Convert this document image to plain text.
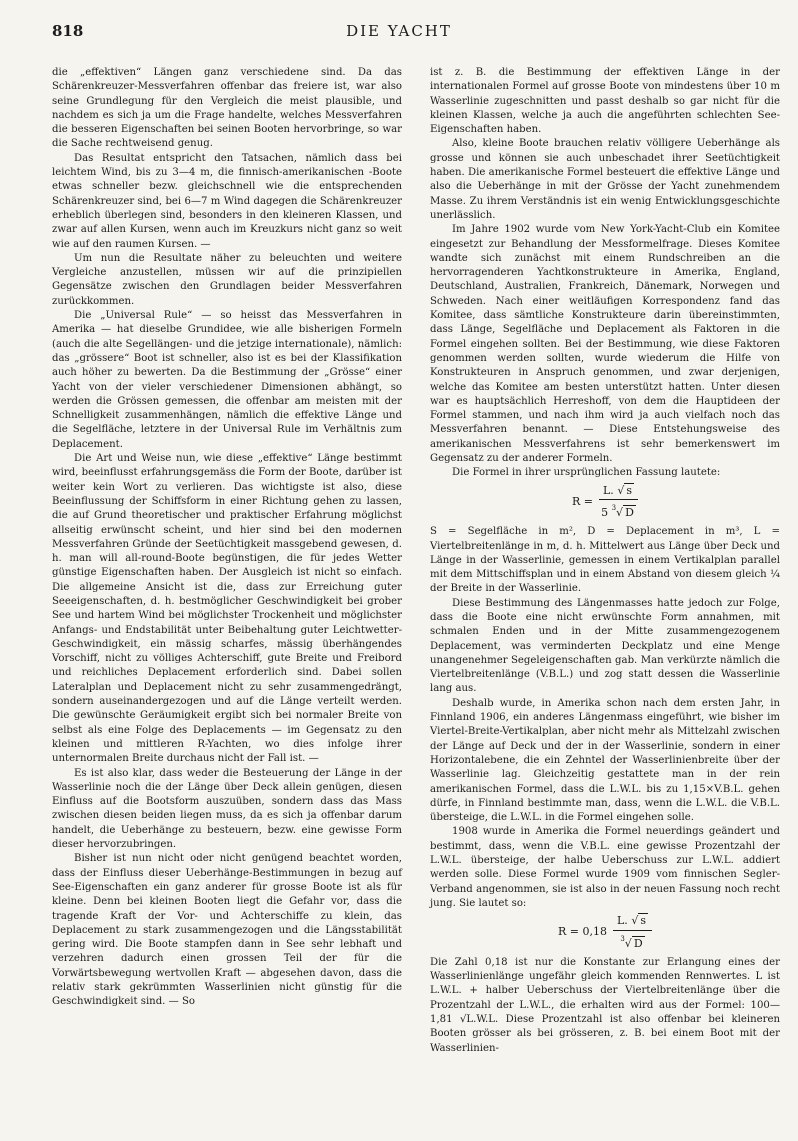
818	DIE YACHT

die „effektiven“ Längen ganz verschiedene sind. Da das Schärenkreuzer-Messverfahren offenbar das freiere ist, war also seine Grundlegung für den Vergleich die meist plausible, und nachdem es sich ja um die Frage handelte, welches Messverfahren die besseren Eigenschaften bei seinen Booten hervorbringe, so war die Sache rechtweisend genug.

Das Resultat entspricht den Tatsachen, nämlich dass bei leichtem Wind, bis zu 3—4 m, die finnisch-amerikanischen -Boote etwas schneller bezw. gleichschnell wie die entsprechenden Schärenkreuzer sind, bei 6—7 m Wind dagegen die Schärenkreuzer erheblich überlegen sind, besonders in den kleineren Klassen, und zwar auf allen Kursen, wenn auch im Kreuzkurs nicht ganz so weit wie auf den raumen Kursen. —

Um nun die Resultate näher zu beleuchten und weitere Vergleiche anzustellen, müssen wir auf die prinzipiellen Gegensätze zwischen den Grundlagen beider Messverfahren zurückkommen.

Die „Universal Rule“ — so heisst das Messverfahren in Amerika — hat dieselbe Grundidee, wie alle bisherigen Formeln (auch die alte Segellängen- und die jetzige internationale), nämlich: das „grössere“ Boot ist schneller, also ist es bei der Klassifikation auch höher zu bewerten. Da die Bestimmung der „Grösse“ einer Yacht von der vieler verschiedener Dimensionen abhängt, so werden die Grössen gemessen, die offenbar am meisten mit der Schnelligkeit zusammenhängen, nämlich die effektive Länge und die Segelfläche, letztere in der Universal Rule im Verhältnis zum Deplacement.

Die Art und Weise nun, wie diese „effektive“ Länge bestimmt wird, beeinflusst erfahrungsgemäss die Form der Boote, darüber ist weiter kein Wort zu verlieren. Das wichtigste ist also, diese Beeinflussung der Schiffsform in einer Richtung gehen zu lassen, die auf Grund theoretischer und praktischer Erfahrung möglichst allseitig erwünscht scheint, und hier sind bei den modernen Messverfahren Gründe der Seetüchtigkeit massgebend gewesen, d. h. man will all-round-Boote begünstigen, die für jedes Wetter günstige Eigenschaften haben. Der Ausgleich ist nicht so einfach. Die allgemeine Ansicht ist die, dass zur Erreichung guter Seeeigenschaften, d. h. bestmöglicher Geschwindigkeit bei grober See und hartem Wind bei möglichster Trockenheit und möglichster Anfangs- und Endstabilität unter Beibehaltung guter Leichtwetter-Geschwindigkeit, ein mässig scharfes, mässig überhängendes Vorschiff, nicht zu völliges Achterschiff, gute Breite und Freibord und reichliches Deplacement erforderlich sind. Dabei sollen Lateralplan und Deplacement nicht zu sehr zusammengedrängt, sondern auseinandergezogen und auf die Länge verteilt werden. Die gewünschte Geräumigkeit ergibt sich bei normaler Breite von selbst als eine Folge des Deplacements — im Gegensatz zu den kleinen und mittleren R-Yachten, wo dies infolge ihrer unternormalen Breite durchaus nicht der Fall ist. —

Es ist also klar, dass weder die Besteuerung der Länge in der Wasserlinie noch die der Länge über Deck allein genügen, diesen Einfluss auf die Bootsform auszuüben, sondern dass das Mass zwischen diesen beiden liegen muss, da es sich ja offenbar darum handelt, die Ueberhänge zu besteuern, bezw. eine gewisse Form dieser hervorzubringen.

Bisher ist nun nicht oder nicht genügend beachtet worden, dass der Einfluss dieser Ueberhänge-Bestimmungen in bezug auf See-Eigenschaften ein ganz anderer für grosse Boote ist als für kleine. Denn bei kleinen Booten liegt die Gefahr vor, dass die tragende Kraft der Vor- und Achterschiffe zu klein, das Deplacement zu stark zusammengezogen und die Längsstabilität gering wird. Die Boote stampfen dann in See sehr lebhaft und verzehren dadurch einen grossen Teil der für die Vorwärtsbewegung wertvollen Kraft — abgesehen davon, dass die relativ stark gekrümmten Wasserlinien nicht günstig für die Geschwindigkeit sind. — So

ist z. B. die Bestimmung der effektiven Länge in der internationalen Formel auf grosse Boote von mindestens über 10 m Wasserlinie zugeschnitten und passt deshalb so gar nicht für die kleinen Klassen, welche ja auch die angeführten schlechten See-Eigenschaften haben.

Also, kleine Boote brauchen relativ völligere Ueberhänge als grosse und können sie auch unbeschadet ihrer Seetüchtigkeit haben. Die amerikanische Formel besteuert die effektive Länge und also die Ueberhänge in mit der Grösse der Yacht zunehmendem Masse. Zu ihrem Verständnis ist ein wenig Entwicklungsgeschichte unerlässlich.

Im Jahre 1902 wurde vom New York-Yacht-Club ein Komitee eingesetzt zur Behandlung der Messformelfrage. Dieses Komitee wandte sich zunächst mit einem Rundschreiben an die hervorragenderen Yachtkonstrukteure in Amerika, England, Deutschland, Australien, Frankreich, Dänemark, Norwegen und Schweden. Nach einer weitläufigen Korrespondenz fand das Komitee, dass sämtliche Konstrukteure darin übereinstimmten, dass Länge, Segelfläche und Deplacement als Faktoren in die Formel eingehen sollten. Bei der Bestimmung, wie diese Faktoren genommen werden sollten, wurde wiederum die Hilfe von Konstrukteuren in Anspruch genommen, und zwar derjenigen, welche das Komitee am besten unterstützt hatten. Unter diesen war es hauptsächlich Herreshoff, von dem die Hauptideen der Formel stammen, und nach ihm wird ja auch vielfach noch das Messverfahren benannt. — Diese Entstehungsweise des amerikanischen Messverfahrens ist sehr bemerkenswert im Gegensatz zu der anderer Formeln.

Die Formel in ihrer ursprünglichen Fassung lautete:

$R = \frac{L. √ s}{5 ^3√ D}$

S = Segelfläche in m², D = Deplacement in m³, L = Viertelbreitenlänge in m, d. h. Mittelwert aus Länge über Deck und Länge in der Wasserlinie, gemessen in einem Vertikalplan parallel mit dem Mittschiffsplan und in einem Abstand von diesem gleich ¼ der Breite in der Wasserlinie.

Diese Bestimmung des Längenmasses hatte jedoch zur Folge, dass die Boote eine nicht erwünschte Form annahmen, mit schmalen Enden und in der Mitte zusammengezogenem Deplacement, was verminderten Deckplatz und eine Menge unangenehmer Segeleigenschaften gab. Man verkürzte nämlich die Viertelbreitenlänge (V.B.L.) und zog statt dessen die Wasserlinie lang aus.

Deshalb wurde, in Amerika schon nach dem ersten Jahr, in Finnland 1906, ein anderes Längenmass eingeführt, wie bisher im Viertel-Breite-Vertikalplan, aber nicht mehr als Mittelzahl zwischen der Länge auf Deck und der in der Wasserlinie, sondern in einer Horizontalebene, die ein Zehntel der Wasserlinienbreite über der Wasserlinie lag. Gleichzeitig gestattete man in der rein amerikanischen Formel, dass die L.W.L. bis zu 1,15×V.B.L. gehen dürfe, in Finnland bestimmte man, dass, wenn die L.W.L. die V.B.L. übersteige, die L.W.L. in die Formel eingehen solle.

1908 wurde in Amerika die Formel neuerdings geändert und bestimmt, dass, wenn die V.B.L. eine gewisse Prozentzahl der L.W.L. übersteige, der halbe Ueberschuss zur L.W.L. addiert werden solle. Diese Formel wurde 1909 vom finnischen Segler-Verband angenommen, sie ist also in der neuen Fassung noch recht jung. Sie lautet so:

$R = 0,18 \frac{L. √ s}{^3√ D}$

Die Zahl 0,18 ist nur die Konstante zur Erlangung eines der Wasserlinienlänge ungefähr gleich kommenden Rennwertes. L ist L.W.L. + halber Ueberschuss der Viertelbreitenlänge über die Prozentzahl der L.W.L., die erhalten wird aus der Formel: 100—1,81 √L.W.L. Diese Prozentzahl ist also offenbar bei kleineren Booten grösser als bei grösseren, z. B. bei einem Boot mit der Wasserlinien-
